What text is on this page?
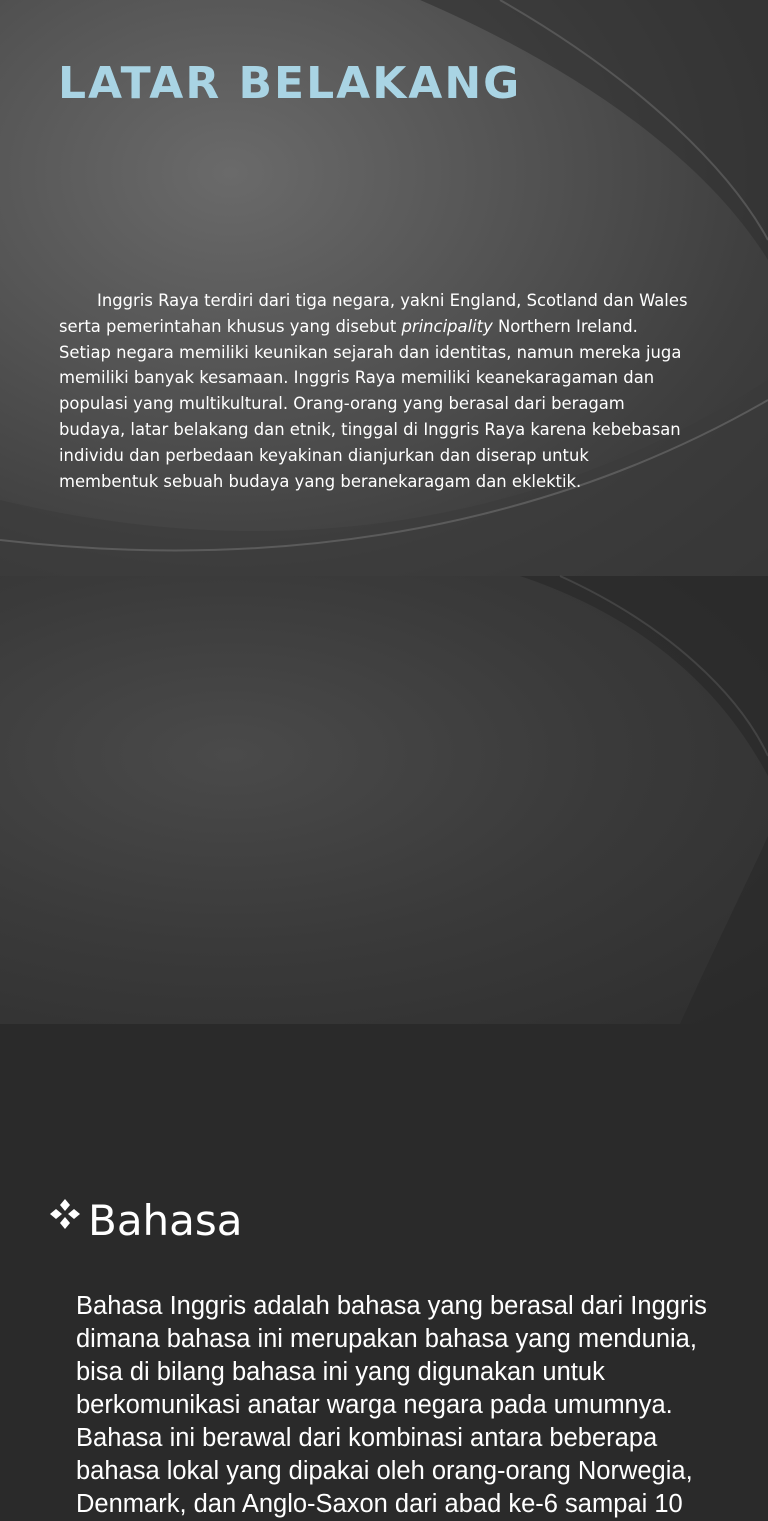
LATAR BELAKANG

Inggris Raya terdiri dari tiga negara, yakni England, Scotland dan Wales serta pemerintahan khusus yang disebut principality Northern Ireland. Setiap negara memiliki keunikan sejarah dan identitas, namun mereka juga memiliki banyak kesamaan. Inggris Raya memiliki keanekaragaman dan populasi yang multikultural. Orang-orang yang berasal dari beragam budaya, latar belakang dan etnik, tinggal di Inggris Raya karena kebebasan individu dan perbedaan keyakinan dianjurkan dan diserap untuk membentuk sebuah budaya yang beranekaragam dan eklektik.

Bahasa

Bahasa Inggris adalah bahasa yang berasal dari Inggris dimana bahasa ini merupakan bahasa yang mendunia, bisa di bilang bahasa ini yang digunakan untuk berkomunikasi anatar warga negara pada umumnya. Bahasa ini berawal dari kombinasi antara beberapa bahasa lokal yang dipakai oleh orang-orang Norwegia, Denmark, dan Anglo-Saxon dari abad ke-6 sampai 10
